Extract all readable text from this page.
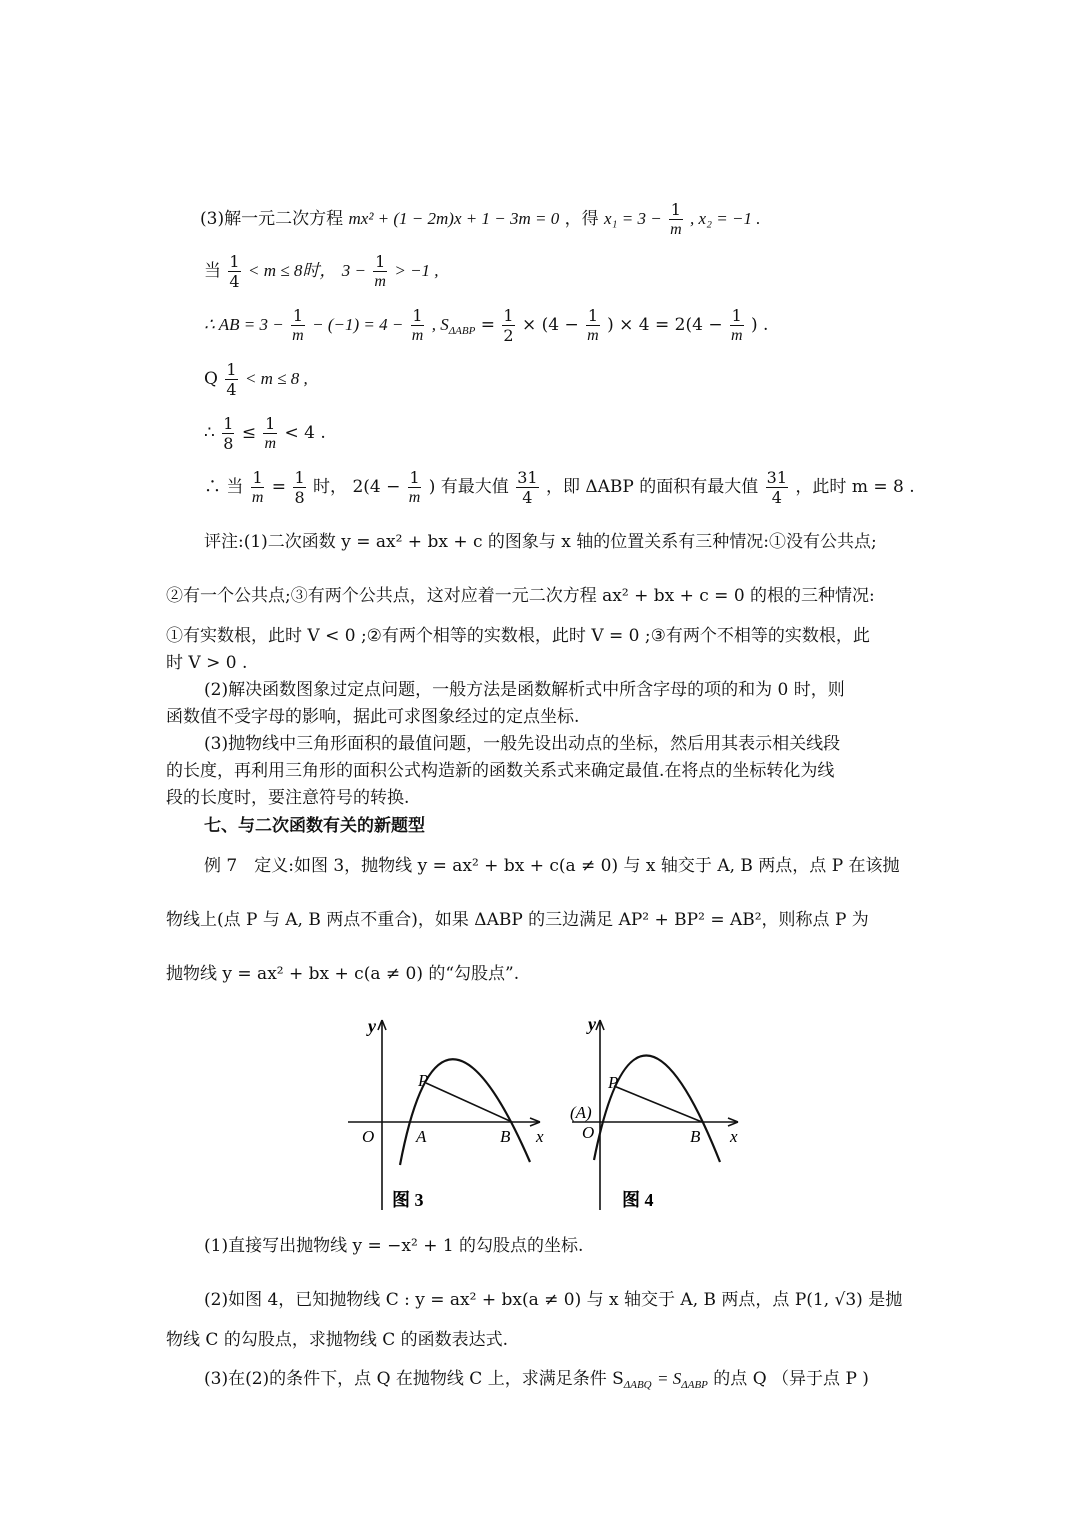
(3)解一元二次方程 mx² + (1 − 2m)x + 1 − 3m = 0 ，得 $x_1 = 3 - \frac{1}{m}$ , x₂ = −1 .
当 $\frac{1}{4} < m \le 8$时， $3 - \frac{1}{m} > -1$ ,
∴ AB = $3 - \frac{1}{m} - (-1) = 4 - \frac{1}{m}$ , $S_{\Delta ABP} = \frac{1}{2} \times (4 - \frac{1}{m}$ ) × $4 = 2(4 - \frac{1}{m}$ ) .
Q $\frac{1}{4} < m \le 8$ ,
∴ $\frac{1}{8} \le \frac{1}{m} < 4$ .
∴ 当 $\frac{1}{m} = \frac{1}{8}$ 时， $2(4 - \frac{1}{m}$ ) 有最大值 $\frac{31}{4}$ ，即 ΔABP 的面积有最大值 $\frac{31}{4}$ ，此时 m = 8 .
评注:(1)二次函数 y = ax² + bx + c 的图象与 x 轴的位置关系有三种情况:①没有公共点;
②有一个公共点;③有两个公共点，这对应着一元二次方程 ax² + bx + c = 0 的根的三种情况:
①有实数根，此时 V < 0 ;②有两个相等的实数根，此时 V = 0 ;③有两个不相等的实数根，此
时 V > 0 .
(2)解决函数图象过定点问题，一般方法是函数解析式中所含字母的项的和为 0 时，则
函数值不受字母的影响，据此可求图象经过的定点坐标.
(3)抛物线中三角形面积的最值问题，一般先设出动点的坐标，然后用其表示相关线段
的长度，再利用三角形的面积公式构造新的函数关系式来确定最值.在将点的坐标转化为线
段的长度时，要注意符号的转换.
七、与二次函数有关的新题型
例 7　定义:如图 3，抛物线 y = ax² + bx + c(a ≠ 0) 与 x 轴交于 A, B 两点，点 P 在该抛
物线上(点 P 与 A, B 两点不重合)，如果 ΔABP 的三边满足 AP² + BP² = AB²，则称点 P 为
抛物线 y = ax² + bx + c(a ≠ 0) 的“勾股点”.
y
x
O
P
A	B
图 3
y
x
O
P
(A)
B
图 4
(1)直接写出抛物线 y = −x² + 1 的勾股点的坐标.
(2)如图 4，已知抛物线 C : y = ax² + bx(a ≠ 0) 与 x 轴交于 A, B 两点，点 P(1, √3) 是抛
物线 C 的勾股点，求抛物线 C 的函数表达式.
(3)在(2)的条件下，点 Q 在抛物线 C 上，求满足条件 $S_{\Delta ABQ} = S_{\Delta ABP}$ 的点 Q （异于点 P )
